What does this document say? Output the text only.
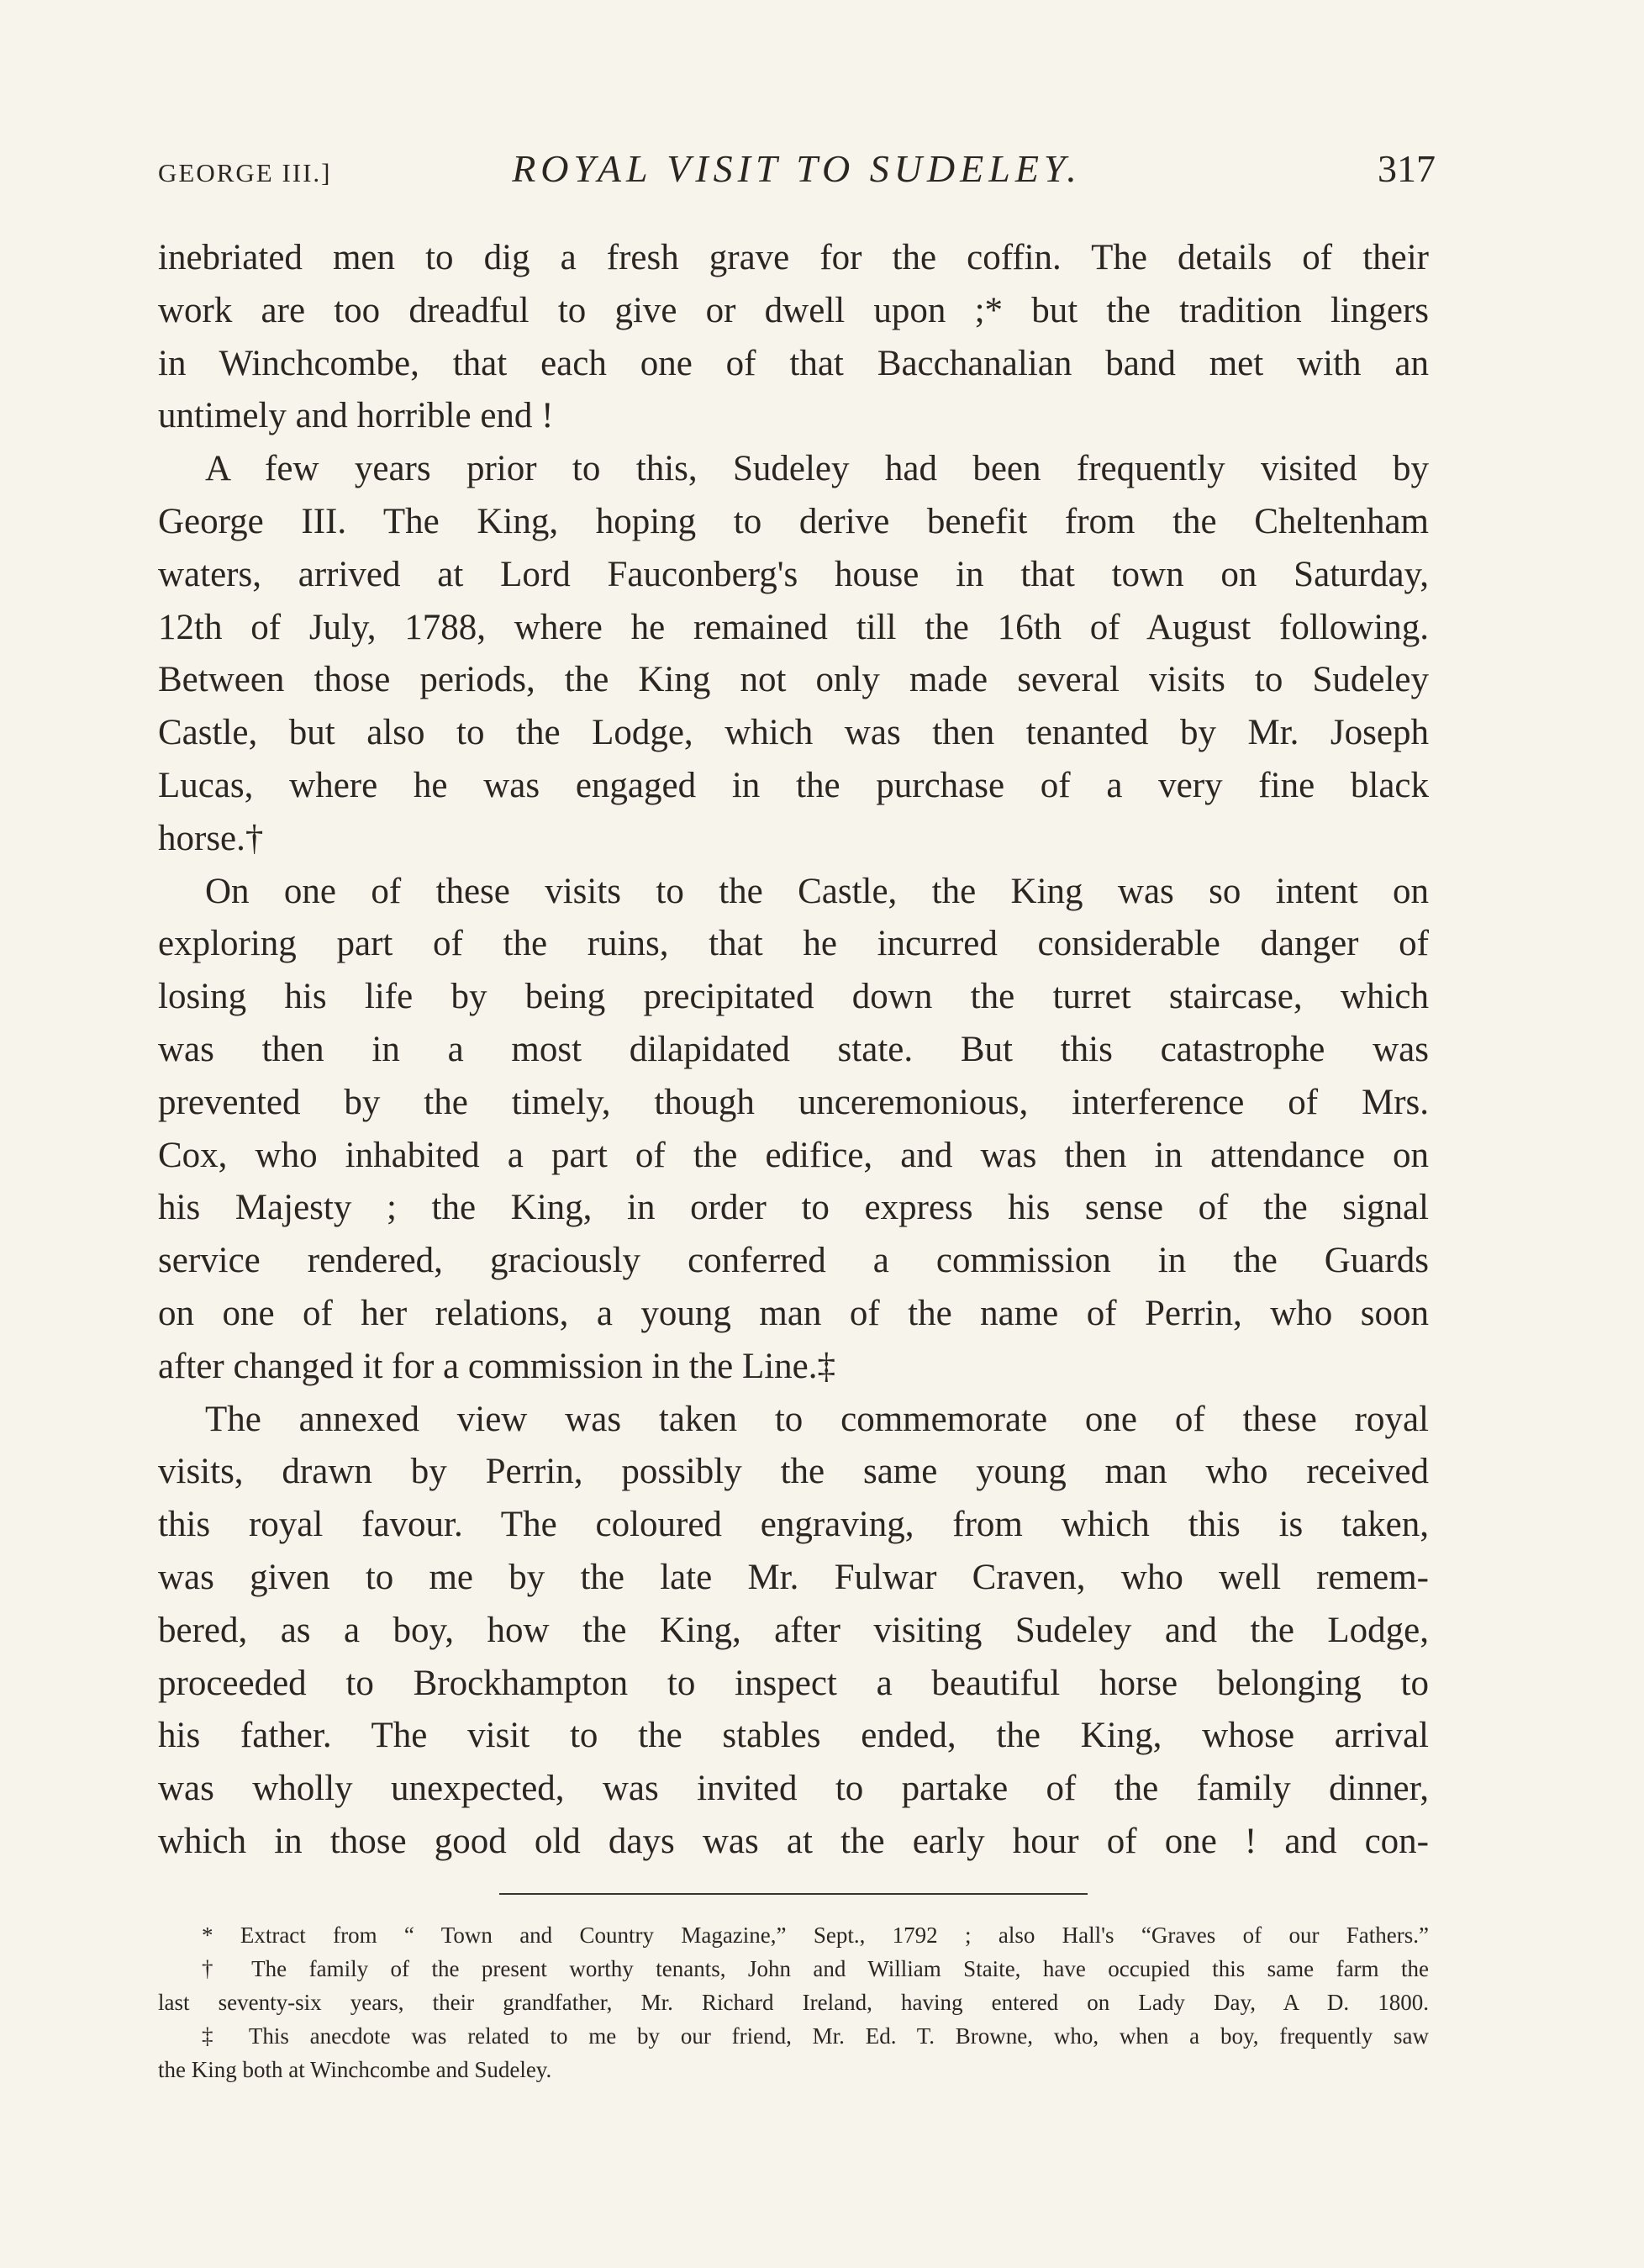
GEORGE III.]	ROYAL VISIT TO SUDELEY.	317
inebriated men to dig a fresh grave for the coffin. The details of their
work are too dreadful to give or dwell upon ;* but the tradition lingers
in Winchcombe, that each one of that Bacchanalian band met with an
untimely and horrible end !
A few years prior to this, Sudeley had been frequently visited by
George III. The King, hoping to derive benefit from the Cheltenham
waters, arrived at Lord Fauconberg's house in that town on Saturday,
12th of July, 1788, where he remained till the 16th of August following.
Between those periods, the King not only made several visits to Sudeley
Castle, but also to the Lodge, which was then tenanted by Mr. Joseph
Lucas, where he was engaged in the purchase of a very fine black
horse.†
On one of these visits to the Castle, the King was so intent on
exploring part of the ruins, that he incurred considerable danger of
losing his life by being precipitated down the turret staircase, which
was then in a most dilapidated state. But this catastrophe was
prevented by the timely, though unceremonious, interference of Mrs.
Cox, who inhabited a part of the edifice, and was then in attendance on
his Majesty ; the King, in order to express his sense of the signal
service rendered, graciously conferred a commission in the Guards
on one of her relations, a young man of the name of Perrin, who soon
after changed it for a commission in the Line.‡
The annexed view was taken to commemorate one of these royal
visits, drawn by Perrin, possibly the same young man who received
this royal favour. The coloured engraving, from which this is taken,
was given to me by the late Mr. Fulwar Craven, who well remem-
bered, as a boy, how the King, after visiting Sudeley and the Lodge,
proceeded to Brockhampton to inspect a beautiful horse belonging to
his father. The visit to the stables ended, the King, whose arrival
was wholly unexpected, was invited to partake of the family dinner,
which in those good old days was at the early hour of one ! and con-
* Extract from “ Town and Country Magazine,” Sept., 1792 ; also Hall's “Graves of our Fathers.”
† The family of the present worthy tenants, John and William Staite, have occupied this same farm the
last seventy-six years, their grandfather, Mr. Richard Ireland, having entered on Lady Day, A D. 1800.
‡ This anecdote was related to me by our friend, Mr. Ed. T. Browne, who, when a boy, frequently saw
the King both at Winchcombe and Sudeley.
